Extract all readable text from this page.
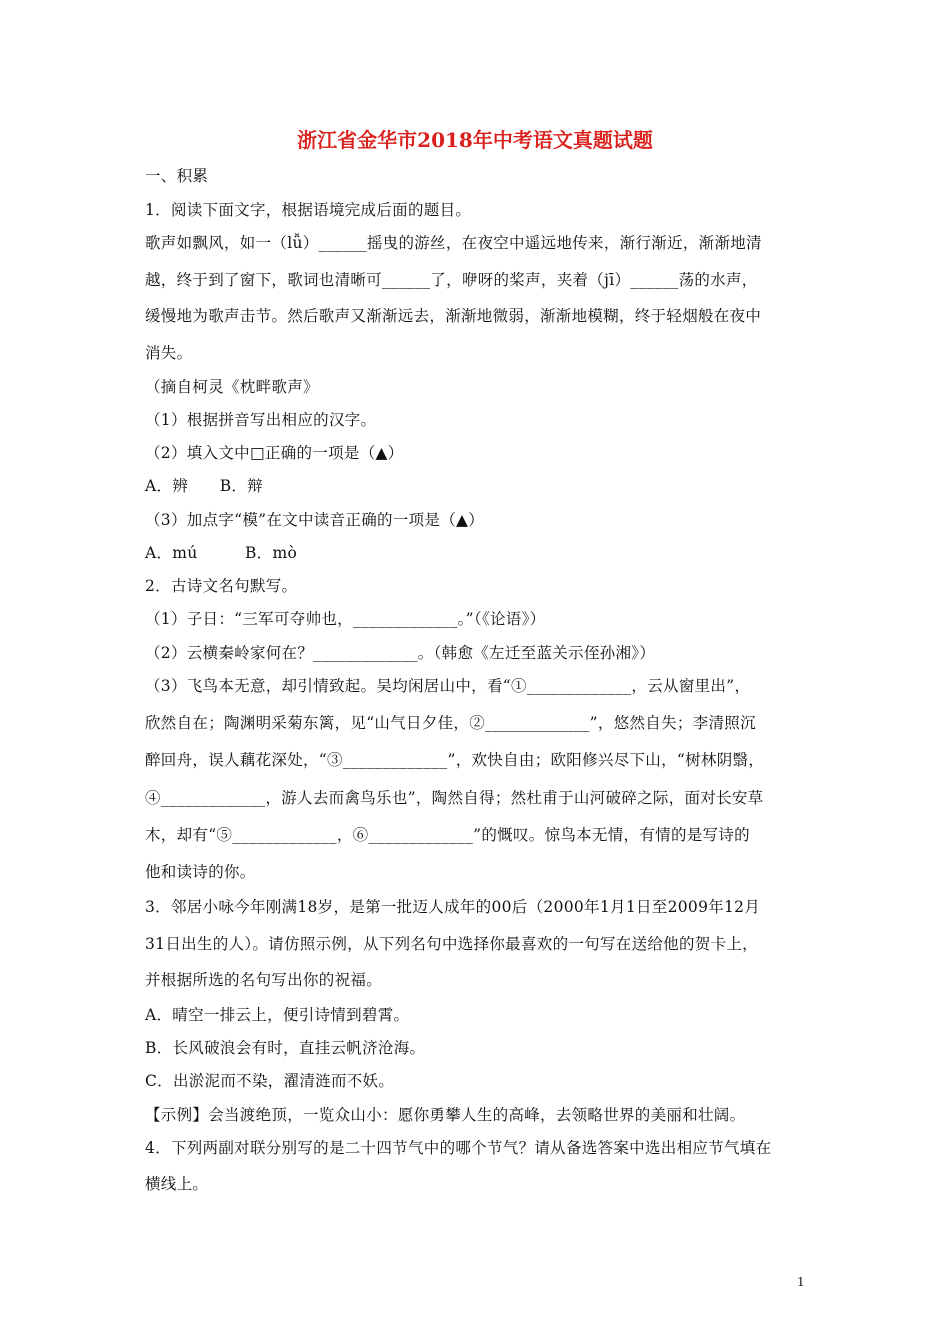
浙江省金华市2018年中考语文真题试题
一、积累
1．阅读下面文字，根据语境完成后面的题目。
歌声如飘风，如一（lǚ）______摇曳的游丝，在夜空中遥远地传来，渐行渐近，渐渐地清
越，终于到了窗下，歌词也清晰可______了，咿呀的桨声，夹着（jī）______荡的水声，
缓慢地为歌声击节。然后歌声又渐渐远去，渐渐地微弱，渐渐地模糊，终于轻烟般在夜中
消失。
（摘自柯灵《枕畔歌声》
（1）根据拼音写出相应的汉字。
（2）填入文中□正确的一项是（▲）
A．辨　　B．辩
（3）加点字“模”在文中读音正确的一项是（▲）
A．mú　　　B．mò
2．古诗文名句默写。
（1）子日：“三军可夺帅也，_____________。”（《论语》）
（2）云横秦岭家何在？_____________。（韩愈《左迁至蓝关示侄孙湘》）
（3）飞鸟本无意，却引情致起。吴均闲居山中，看“①_____________，云从窗里出”，
欣然自在；陶渊明采菊东篱，见“山气日夕佳，②_____________”，悠然自失；李清照沉
醉回舟，误人藕花深处，“③_____________”，欢快自由；欧阳修兴尽下山，“树林阴翳，
④_____________，游人去而禽鸟乐也”，陶然自得；然杜甫于山河破碎之际，面对长安草
木，却有“⑤_____________，⑥_____________”的慨叹。惊鸟本无情，有情的是写诗的
他和读诗的你。
3．邻居小咏今年刚满18岁，是第一批迈人成年的00后（2000年1月1日至2009年12月
31日出生的人）。请仿照示例，从下列名句中选择你最喜欢的一句写在送给他的贺卡上，
并根据所选的名句写出你的祝福。
A．晴空一排云上，便引诗情到碧霄。
B．长风破浪会有时，直挂云帆济沧海。
C．出淤泥而不染，濯清涟而不妖。
【示例】会当渡绝顶，一览众山小：愿你勇攀人生的高峰，去领略世界的美丽和壮阔。
4．下列两副对联分别写的是二十四节气中的哪个节气？请从备选答案中选出相应节气填在
横线上。
1
